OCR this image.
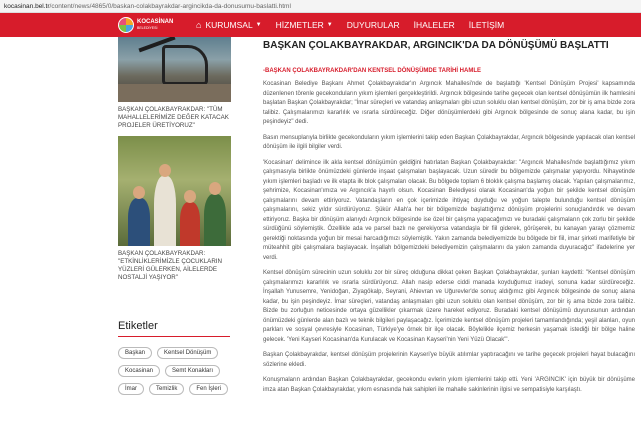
kocasinan.bel.tr/content/news/4865/0/baskan-colakbayrakdar-argincikda-da-donusumu-baslatti.html
KOCASİNAN
BELEDİYESİ	⌂ KURUMSAL ▼ HİZMETLER ▼ DUYURULAR İHALELER İLETİŞİM
BAŞKAN ÇOLAKBAYRAKDAR: "TÜM MAHALLELERİMİZE DEĞER KATACAK PROJELER ÜRETİYORUZ"
BAŞKAN ÇOLAKBAYRAKDAR: "ETKİNLİKLERİMİZLE ÇOCUKLARIN YÜZLERİ GÜLERKEN, AİLELERDE NOSTALJİ YAŞIYOR"
Etiketler
Başkan	Kentsel Dönüşüm
Kocasinan	Semt Konakları
İmar	Temizlik	Fen İşleri
BAŞKAN ÇOLAKBAYRAKDAR, ARGINCIK'DA DA DÖNÜŞÜMÜ BAŞLATTI
-BAŞKAN ÇOLAKBAYRAKDAR'DAN KENTSEL DÖNÜŞÜMDE TARİHİ HAMLE

Kocasinan Belediye Başkanı Ahmet Çolakbayrakdar'ın Argıncık Mahallesi'nde de başlattığı 'Kentsel Dönüşüm Projesi' kapsamında düzenlenen törenle gecekonduların yıkım işlemleri gerçekleştirildi. Argıncık bölgesinde tarihe geçecek olan kentsel dönüşümün ilk hamlesini başlatan Başkan Çolakbayrakdar; "İmar süreçleri ve vatandaş anlaşmaları gibi uzun soluklu olan kentsel dönüşüm, zor bir iş ama bizde zora talibiz. Çalışmalarımızı kararlılık ve ısrarla sürdüreceğiz. Diğer dönüşümlerdeki gibi Argıncık bölgesinde de sonuç alana kadar, bu işin peşindeyiz" dedi.

Basın mensuplarıyla birlikte gecekonduların yıkım işlemlerini takip eden Başkan Çolakbayrakdar, Argıncık bölgesinde yapılacak olan kentsel dönüşüm ile ilgili bilgiler verdi.

'Kocasinan' delimince ilk akla kentsel dönüşümün geldiğini hatırlatan Başkan Çolakbayrakdar: "Argıncık Mahallesi'nde başlattığımız yıkım çalışmasıyla birlikte önümüzdeki günlerde inşaat çalışmaları başlayacak. Uzun süredir bu bölgemizde çalışmalar yapıyordu. Nihayetinde yıkım işlemleri başladı ve ilk etapta ilk blok çalışmaları olacak. Bu bölgede toplam 6 bloklık çalışma başlamış olacak. Yapılan çalışmalarımız, şehrimize, Kocasinan'ımıza ve Argıncık'a hayırlı olsun. Kocasinan Belediyesi olarak Kocasinan'da yoğun bir şekilde kentsel dönüşüm çalışmalarını devam ettiriyoruz. Vatandaşların en çok içerimizde ihtiyaç duyduğu ve yoğun talepte bulunduğu kentsel dönüşüm çalışmalarını, sekiz yıldır sürdürüyoruz. Şükür Allah'a her bir bölgemizde başlattığımız dönüşüm projelerini sonuçlandırdık ve devam ettiriyoruz. Başka bir dönüşüm alanıydı Argıncık bölgesinde ise özel bir çalışma yapacağımızı ve buradaki çalışmaların çok zorlu bir şekilde sürdüğünü söylemiştik. Özellikle ada ve parsel bazlı ne gerekiyorsa vatandaşla bir fiil giderek, görüşerek, bu kanayan yarayı çözmemiz gerektiği noktasında yoğun bir mesai harcadığımızı söylemiştik. Yakın zamanda belediyemizde bu bölgede bir fiil, imar şirketi marifetiyle bir müteahhit gibi çalışmalara başlayacak. İnşallah bölgemizdeki belediyemizin çalışmalarını da yakın zamanda duyuracağız" ifadelerine yer verdi.

Kentsel dönüşüm sürecinin uzun soluklu zor bir süreç olduğuna dikkat çeken Başkan Çolakbayrakdar, şunları kaydetti: "Kentsel dönüşüm çalışmalarımızı kararlılık ve ısrarla sürdürüyoruz. Allah nasip ederse ciddi manada koyduğumuz iradeyi, sonuna kadar sürdüreceğiz. İnşallah Yunusemre, Yenidoğan, Ziyagökalp, Seyrani, Ahievran ve Uğurevler'de sonuç aldığımız gibi Argıncık bölgesinde de sonuç alana kadar, bu işin peşindeyiz. İmar süreçleri, vatandaş anlaşmaları gibi uzun soluklu olan kentsel dönüşüm, zor bir iş ama bizde zora talibiz. Bizde bu zorluğun neticesinde ortaya güzellikler çıkarmak üzere hareket ediyoruz. Buradaki kentsel dönüşümü duyurusunun ardından önümüzdeki günlerde alan bazlı ve teknik bilgileri paylaşacağız. İçerimizde kentsel dönüşüm projeleri tamamlandığında; yeşil alanları, oyun parkları ve sosyal çevresiyle Kocasinan, Türkiye'ye örnek bir ilçe olacak. Böylelikle ilçemiz herkesin yaşamak istediği bir bölge haline gelecek. 'Yeni Kayseri Kocasinan'da Kurulacak ve Kocasinan Kayseri'nin Yeni Yüzü Olacak'".

Başkan Çolakbayrakdar, kentsel dönüşüm projelerinin Kayseri'ye büyük atılımlar yaptıracağını ve tarihe geçecek projeleri hayat bulacağını sözlerine ekledi.

Konuşmaların ardından Başkan Çolakbayrakdar, gecekondu evlerin yıkım işlemlerini takip etti. Yeni 'ARGINCIK' için büyük bir dönüşüme imza atan Başkan Çolakbayrakdar, yıkım esnasında hak sahipleri ile mahalle sakinlerinin ilgisi ve sempatisiyle karşılaştı.
